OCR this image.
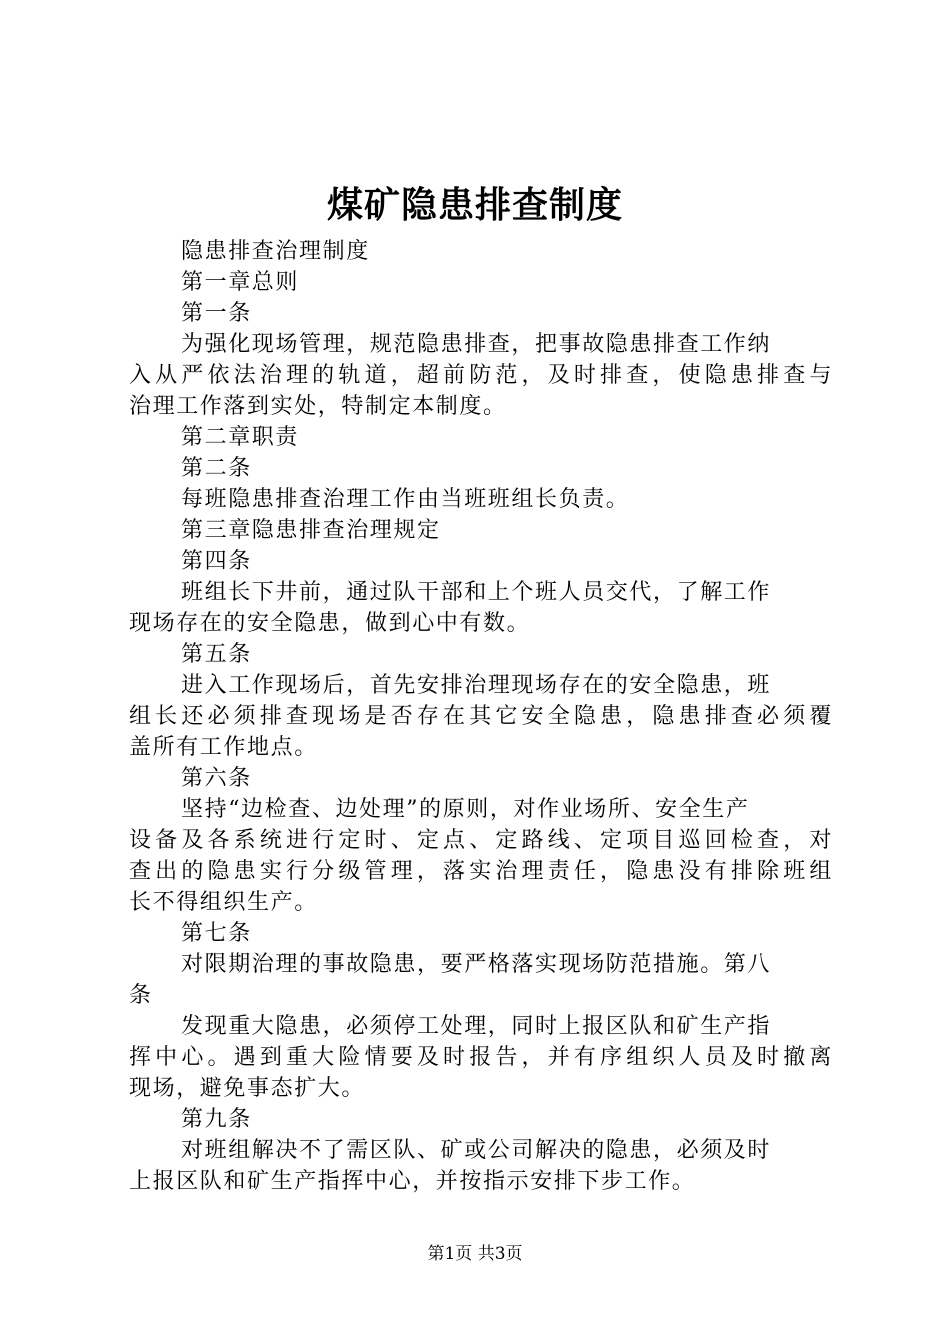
煤矿隐患排查制度
隐患排查治理制度
第一章总则
第一条
为强化现场管理，规范隐患排查，把事故隐患排查工作纳
入从严依法治理的轨道，超前防范，及时排查，使隐患排查与
治理工作落到实处，特制定本制度。
第二章职责
第二条
每班隐患排查治理工作由当班班组长负责。
第三章隐患排查治理规定
第四条
班组长下井前，通过队干部和上个班人员交代，了解工作
现场存在的安全隐患，做到心中有数。
第五条
进入工作现场后，首先安排治理现场存在的安全隐患，班
组长还必须排查现场是否存在其它安全隐患，隐患排查必须覆
盖所有工作地点。
第六条
坚持“边检查、边处理”的原则，对作业场所、安全生产
设备及各系统进行定时、定点、定路线、定项目巡回检查，对
查出的隐患实行分级管理，落实治理责任，隐患没有排除班组
长不得组织生产。
第七条
对限期治理的事故隐患，要严格落实现场防范措施。第八
条
发现重大隐患，必须停工处理，同时上报区队和矿生产指
挥中心。遇到重大险情要及时报告，并有序组织人员及时撤离
现场，避免事态扩大。
第九条
对班组解决不了需区队、矿或公司解决的隐患，必须及时
上报区队和矿生产指挥中心，并按指示安排下步工作。
第1页 共3页
